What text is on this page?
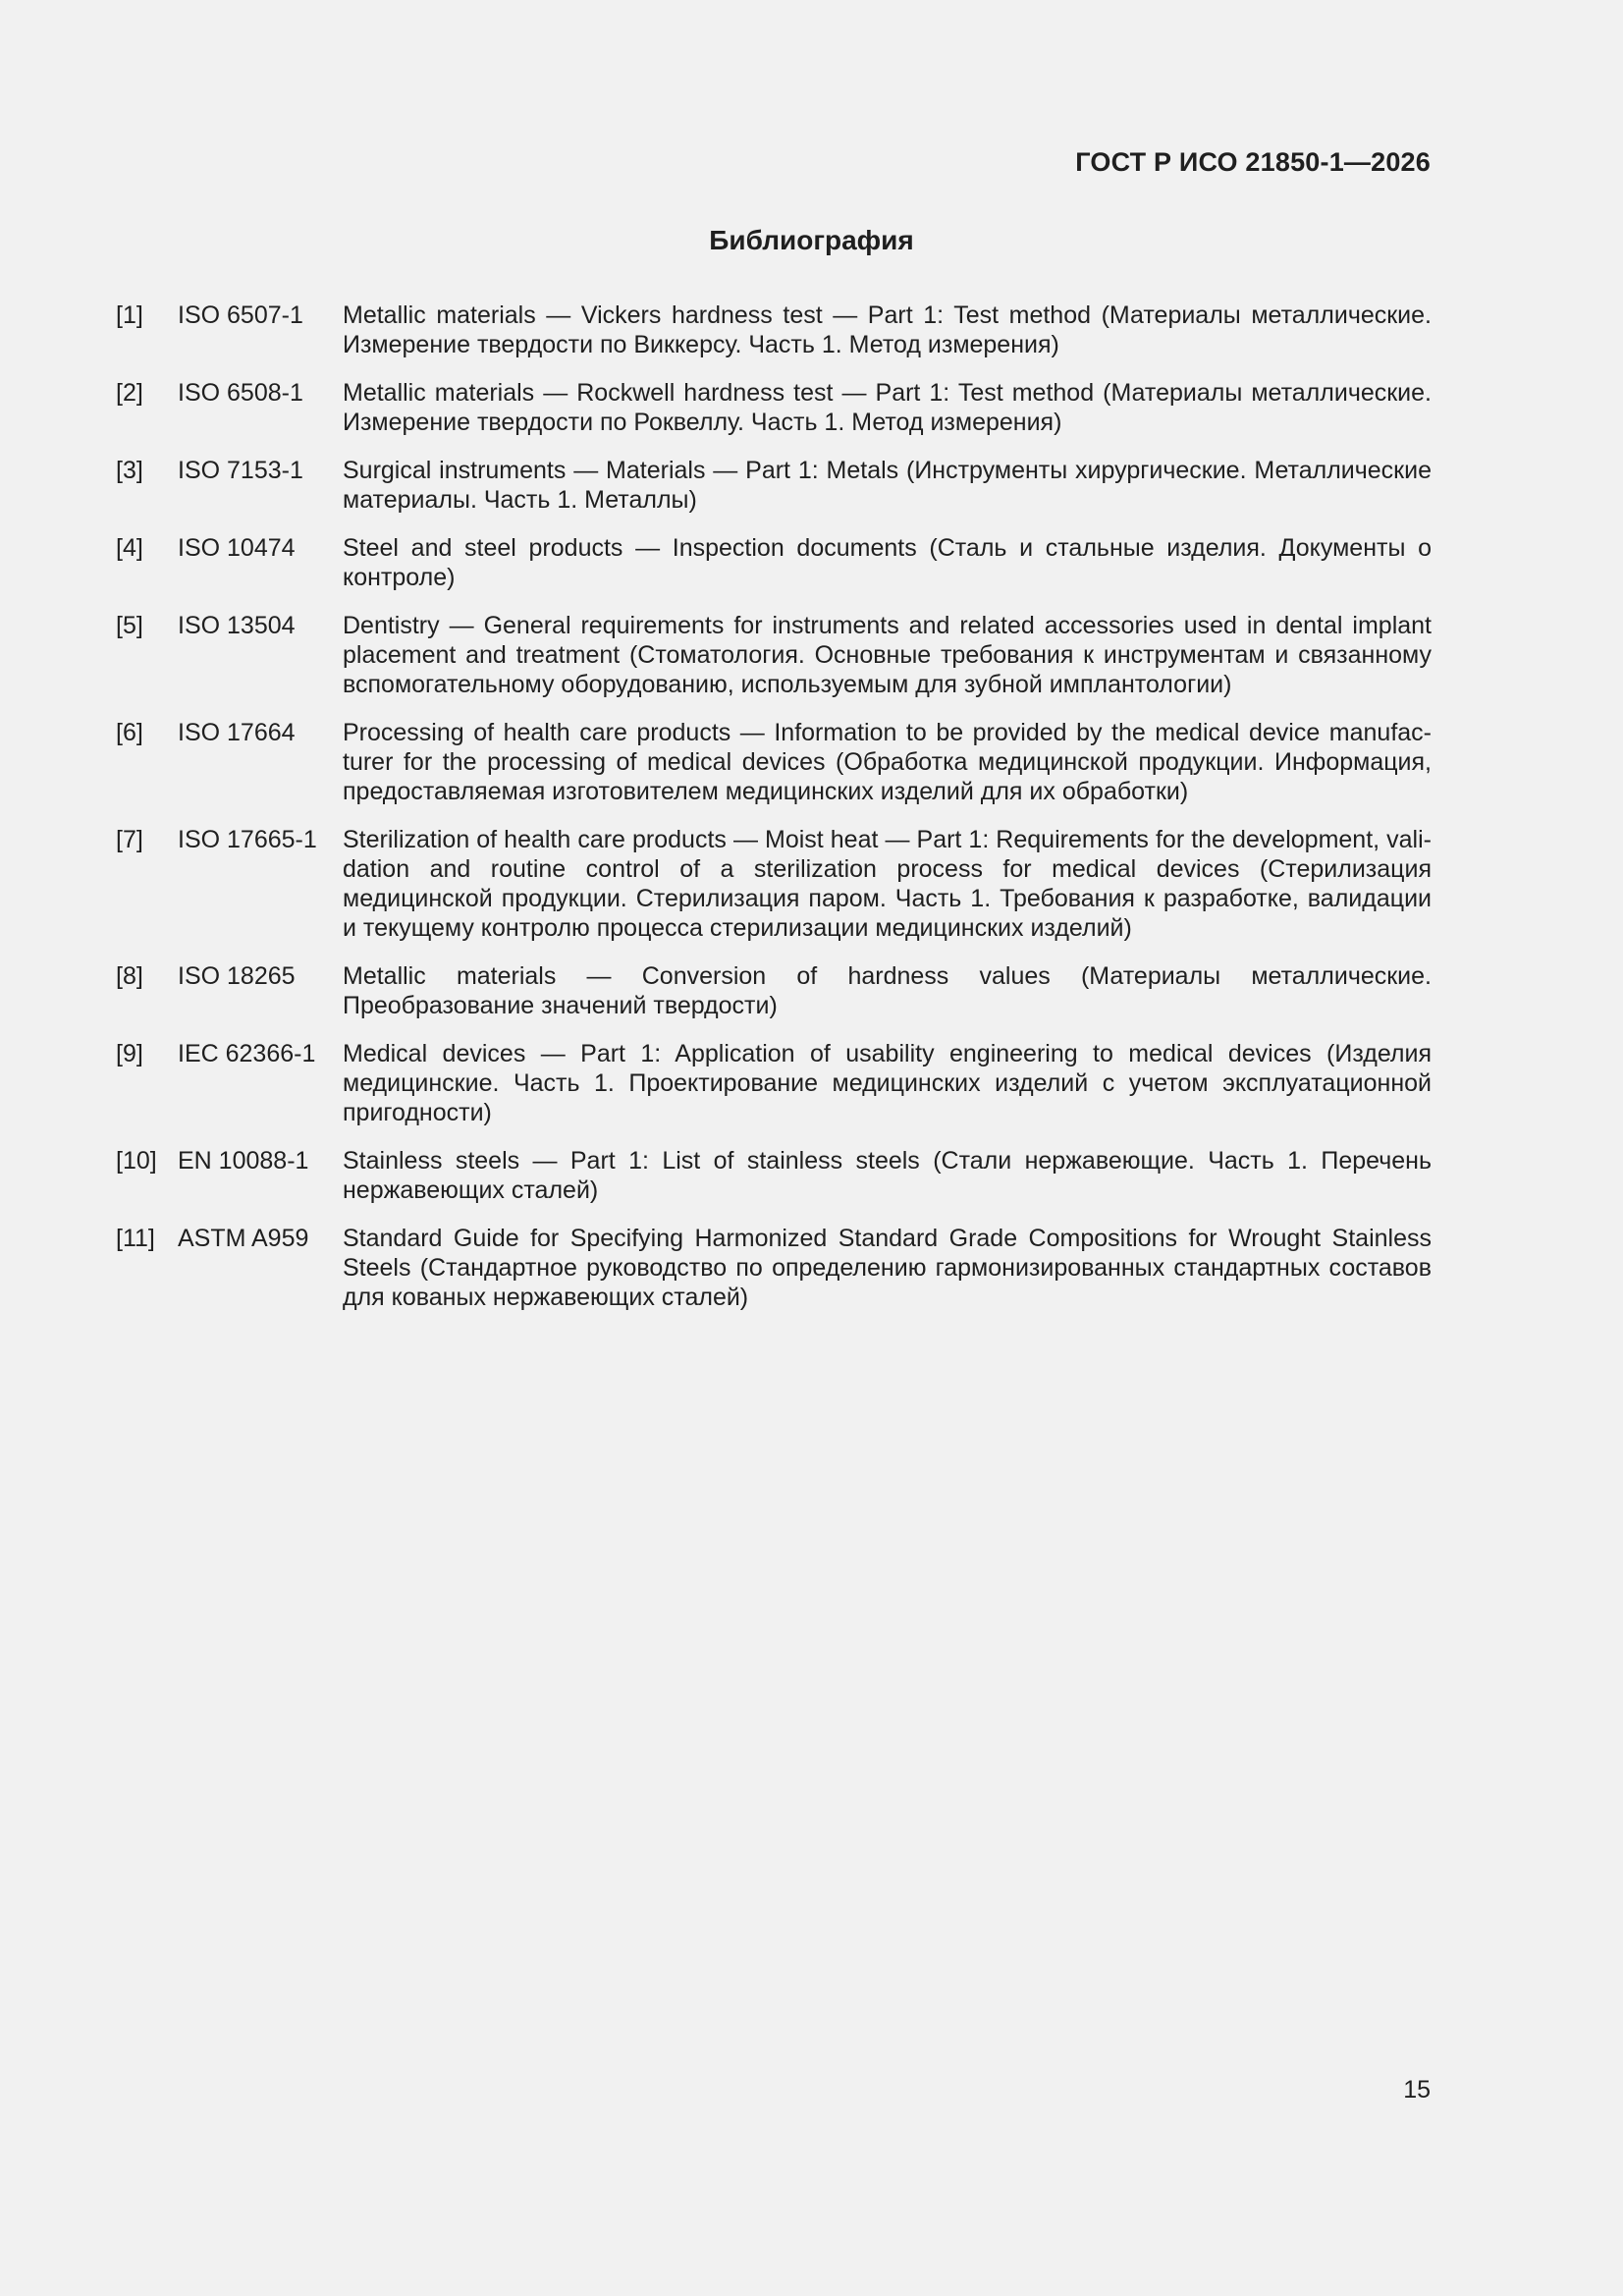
ГОСТ Р ИСО 21850-1—2026
Библиография
[1]	ISO 6507-1	Metallic materials — Vickers hardness test — Part 1: Test method (Материалы металлические. Измерение твердости по Виккерсу. Часть 1. Метод измерения)
[2]	ISO 6508-1	Metallic materials — Rockwell hardness test — Part 1: Test method (Материалы металлические. Измерение твердости по Роквеллу. Часть 1. Метод измерения)
[3]	ISO 7153-1	Surgical instruments — Materials — Part 1: Metals (Инструменты хирургические. Металлические материалы. Часть 1. Металлы)
[4]	ISO 10474	Steel and steel products — Inspection documents (Сталь и стальные изделия. Документы о контроле)
[5]	ISO 13504	Dentistry — General requirements for instruments and related accessories used in dental implant placement and treatment (Стоматология. Основные требования к инструментам и связанному вспомогательному оборудованию, используемым для зубной имплантологии)
[6]	ISO 17664	Processing of health care products — Information to be provided by the medical device manufacturer for the processing of medical devices (Обработка медицинской продукции. Информация, предоставляемая изготовителем медицинских изделий для их обработки)
[7]	ISO 17665-1	Sterilization of health care products — Moist heat — Part 1: Requirements for the development, validation and routine control of a sterilization process for medical devices (Стерилизация медицинской продукции. Стерилизация паром. Часть 1. Требования к разработке, валидации и текущему контролю процесса стерилизации медицинских изделий)
[8]	ISO 18265	Metallic materials — Conversion of hardness values (Материалы металлические. Преобразование значений твердости)
[9]	IEC 62366-1	Medical devices — Part 1: Application of usability engineering to medical devices (Изделия медицинские. Часть 1. Проектирование медицинских изделий с учетом эксплуатационной пригодности)
[10] EN 10088-1	Stainless steels — Part 1: List of stainless steels (Стали нержавеющие. Часть 1. Перечень нержавеющих сталей)
[11] ASTM A959	Standard Guide for Specifying Harmonized Standard Grade Compositions for Wrought Stainless Steels (Стандартное руководство по определению гармонизированных стандартных составов для кованых нержавеющих сталей)
15
